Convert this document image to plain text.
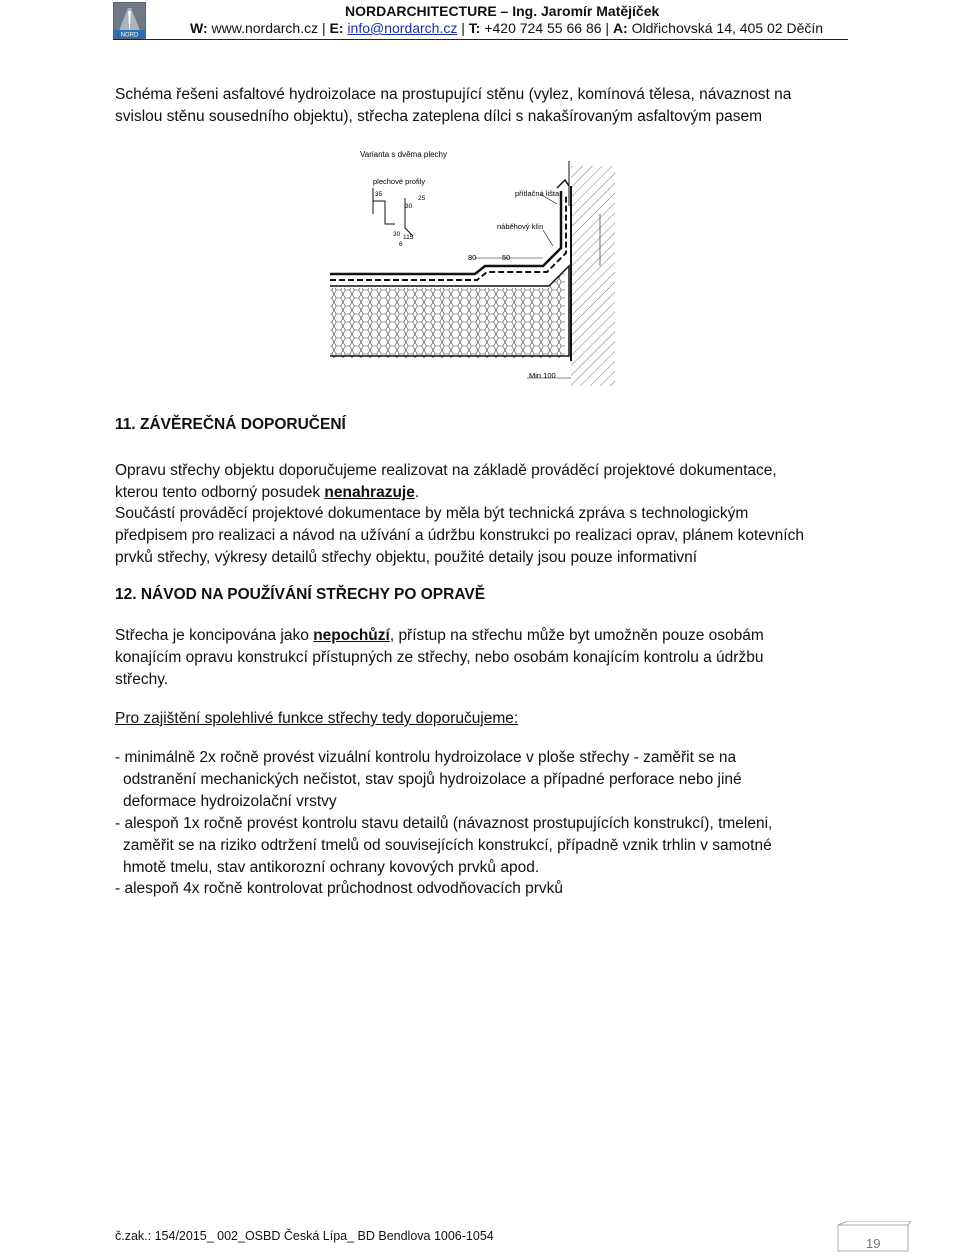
NORD
NORDARCHITECTURE – Ing. Jaromír Matějíček
W: www.nordarch.cz | E: info@nordarch.cz | T: +420 724 55 66 86 | A: Oldřichovská 14, 405 02 Děčín
Schéma řešeni asfaltové hydroizolace na prostupující stěnu (vylez, komínová tělesa, návaznost na
svislou stěnu sousedního objektu), střecha zateplena dílci s nakašírovaným asfaltovým pasem
Varianta s dvěma plechy
plechové profily
přítlačná lišta
náběhový klín
80	50
Min 100
35
25
30
30 115
6
11. ZÁVĚREČNÁ DOPORUČENÍ
Opravu střechy objektu doporučujeme realizovat na základě prováděcí projektové dokumentace,
kterou tento odborný posudek nenahrazuje.
Součástí prováděcí projektové dokumentace by měla být technická zpráva s technologickým
předpisem pro realizaci a návod na užívání a údržbu konstrukci po realizaci oprav, plánem kotevních
prvků střechy, výkresy detailů střechy objektu, použité detaily jsou pouze informativní
12. NÁVOD NA POUŽÍVÁNÍ STŘECHY PO OPRAVĚ
Střecha je koncipována jako nepochůzí, přístup na střechu může byt umožněn pouze osobám
konajícím opravu konstrukcí přístupných ze střechy, nebo osobám konajícím kontrolu a údržbu
střechy.
Pro zajištění spolehlivé funkce střechy tedy doporučujeme:
- minimálně 2x ročně provést vizuální kontrolu hydroizolace v ploše střechy - zaměřit se na
odstranění mechanických nečistot, stav spojů hydroizolace a případné perforace nebo jiné
deformace hydroizolační vrstvy
- alespoň 1x ročně provést kontrolu stavu detailů (návaznost prostupujících konstrukcí), tmeleni,
zaměřit se na riziko odtržení tmelů od souvisejících konstrukcí, případně vznik trhlin v samotné
hmotě tmelu, stav antikorozní ochrany kovových prvků apod.
- alespoň 4x ročně kontrolovat průchodnost odvodňovacích prvků
č.zak.: 154/2015_ 002_OSBD Česká Lípa_ BD Bendlova 1006-1054	19
